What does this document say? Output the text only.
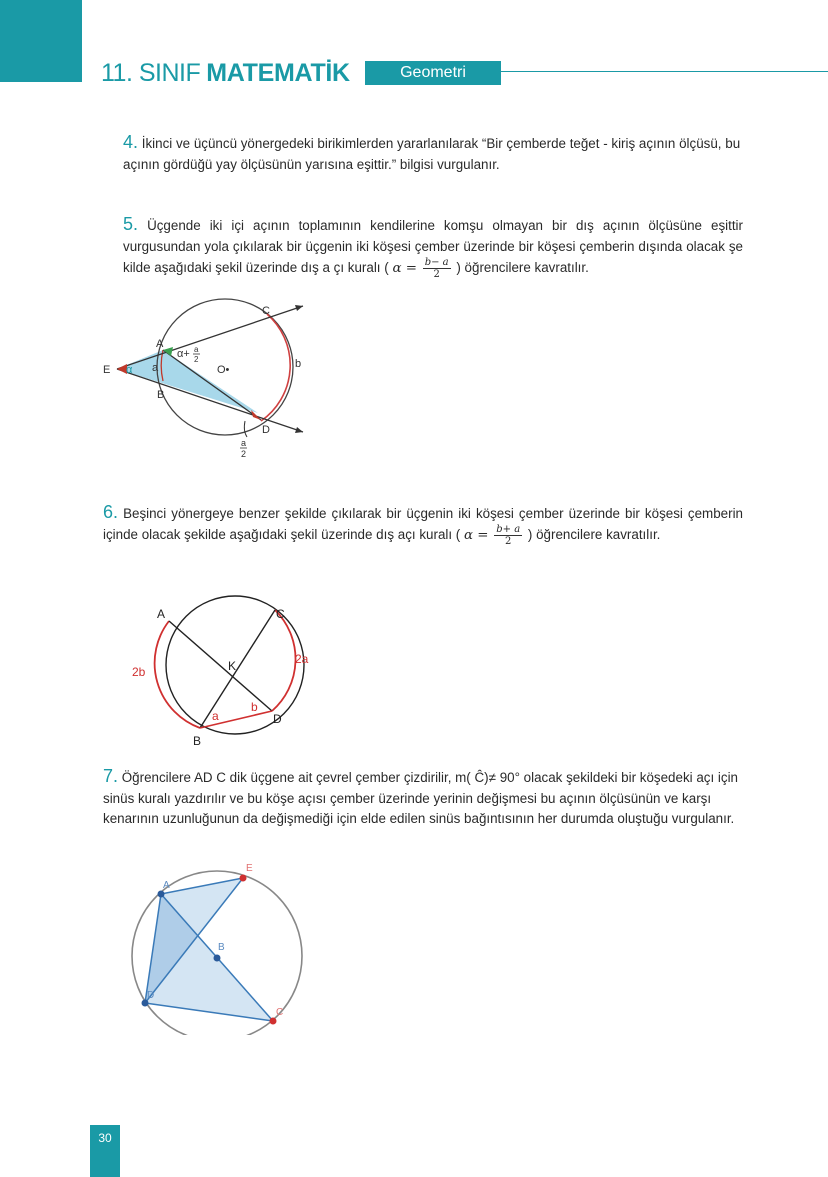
11. SINIF MATEMATİK	Geometri
4. İkinci ve üçüncü yönergedeki birikimlerden yararlanılarak “Bir çemberde teğet - kiriş açının ölçüsü, bu açının gördüğü yay ölçüsünün yarısına eşittir.” bilgisi vurgulanır.
5. Üçgende iki içi açının toplamının kendilerine komşu olmayan bir dış açının ölçüsüne eşittir vurgusundan yola çıkılarak bir üçgenin iki köşesi çember üzerinde bir köşesi çemberin dışında olacak şe kilde aşağıdaki şekil üzerinde dış a çı kuralı ( $\alpha = \frac{b- a}{2}$ ) öğrencilere kavratılır.
E α a
A
α+ a
2
O•
B
C
b
D
a
2
6. Beşinci yönergeye benzer şekilde çıkılarak bir üçgenin iki köşesi çember üzerinde bir köşesi çemberin içinde olacak şekilde aşağıdaki şekil üzerinde dış açı kuralı ( $\alpha = \frac{b+ a}{2}$ ) öğrencilere kavratılır.
A	C
K
2b
2a
a
b
D
B
7. Öğrencilere AD C dik üçgene ait çevrel çember çizdirilir, m( Ĉ)≠ 90° olacak şekildeki bir köşedeki açı için sinüs kuralı yazdırılır ve bu köşe açısı çember üzerinde yerinin değişmesi bu açının ölçüsünün ve karşı kenarının uzunluğunun da değişmediği için elde edilen sinüs bağıntısının her durumda oluştuğu vurgulanır.
A
B
D
E
C
30
